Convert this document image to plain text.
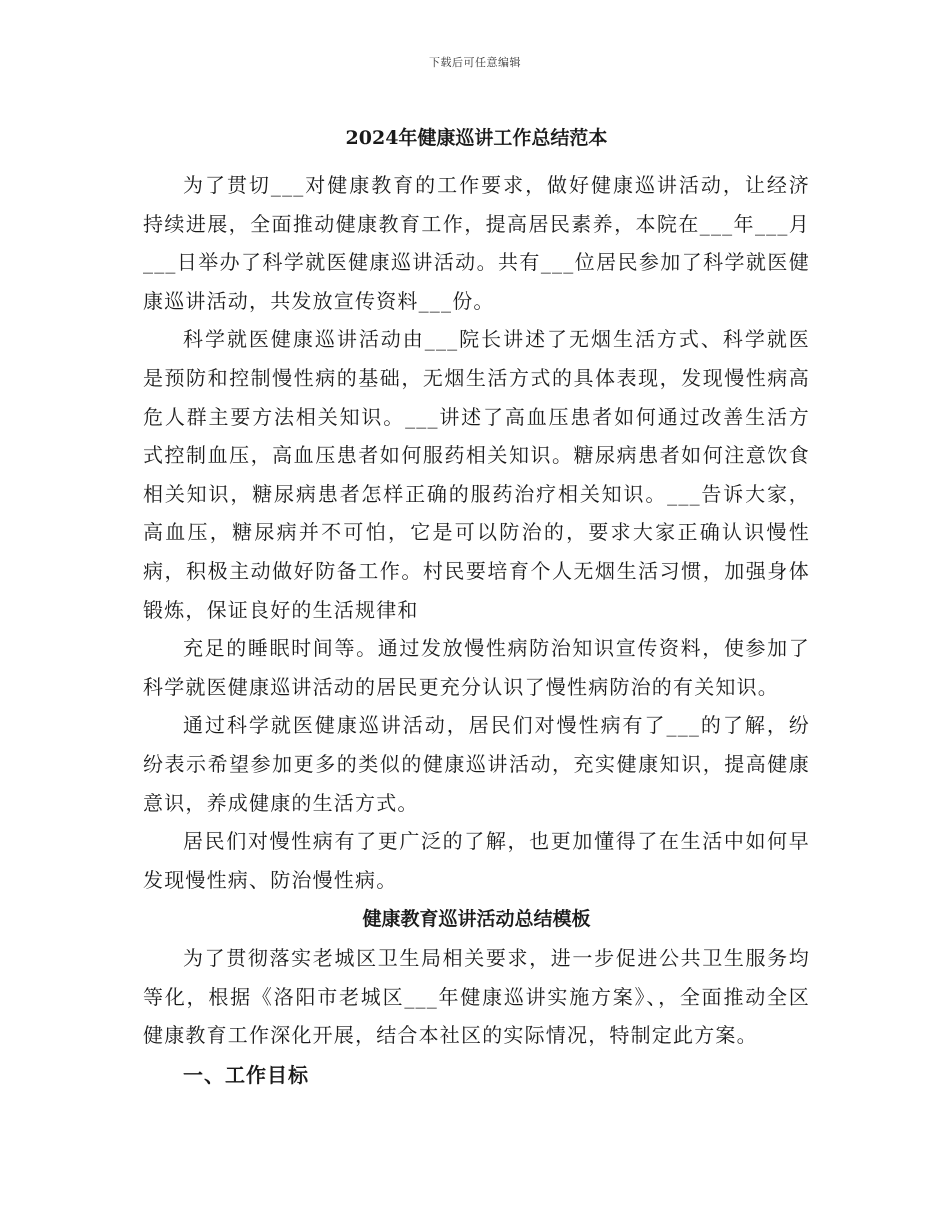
下载后可任意编辑
2024年健康巡讲工作总结范本

为了贯切___对健康教育的工作要求，做好健康巡讲活动，让经济持续进展，全面推动健康教育工作，提高居民素养，本院在___年___月___日举办了科学就医健康巡讲活动。共有___位居民参加了科学就医健康巡讲活动，共发放宣传资料___份。

科学就医健康巡讲活动由___院长讲述了无烟生活方式、科学就医是预防和控制慢性病的基础，无烟生活方式的具体表现，发现慢性病高危人群主要方法相关知识。___讲述了高血压患者如何通过改善生活方式控制血压，高血压患者如何服药相关知识。糖尿病患者如何注意饮食相关知识，糖尿病患者怎样正确的服药治疗相关知识。___告诉大家，高血压，糖尿病并不可怕，它是可以防治的，要求大家正确认识慢性病，积极主动做好防备工作。村民要培育个人无烟生活习惯，加强身体锻炼，保证良好的生活规律和

充足的睡眠时间等。通过发放慢性病防治知识宣传资料，使参加了科学就医健康巡讲活动的居民更充分认识了慢性病防治的有关知识。

通过科学就医健康巡讲活动，居民们对慢性病有了___的了解，纷纷表示希望参加更多的类似的健康巡讲活动，充实健康知识，提高健康意识，养成健康的生活方式。

居民们对慢性病有了更广泛的了解，也更加懂得了在生活中如何早发现慢性病、防治慢性病。

健康教育巡讲活动总结模板

为了贯彻落实老城区卫生局相关要求，进一步促进公共卫生服务均等化，根据《洛阳市老城区___年健康巡讲实施方案》、，全面推动全区健康教育工作深化开展，结合本社区的实际情况，特制定此方案。

一、工作目标
